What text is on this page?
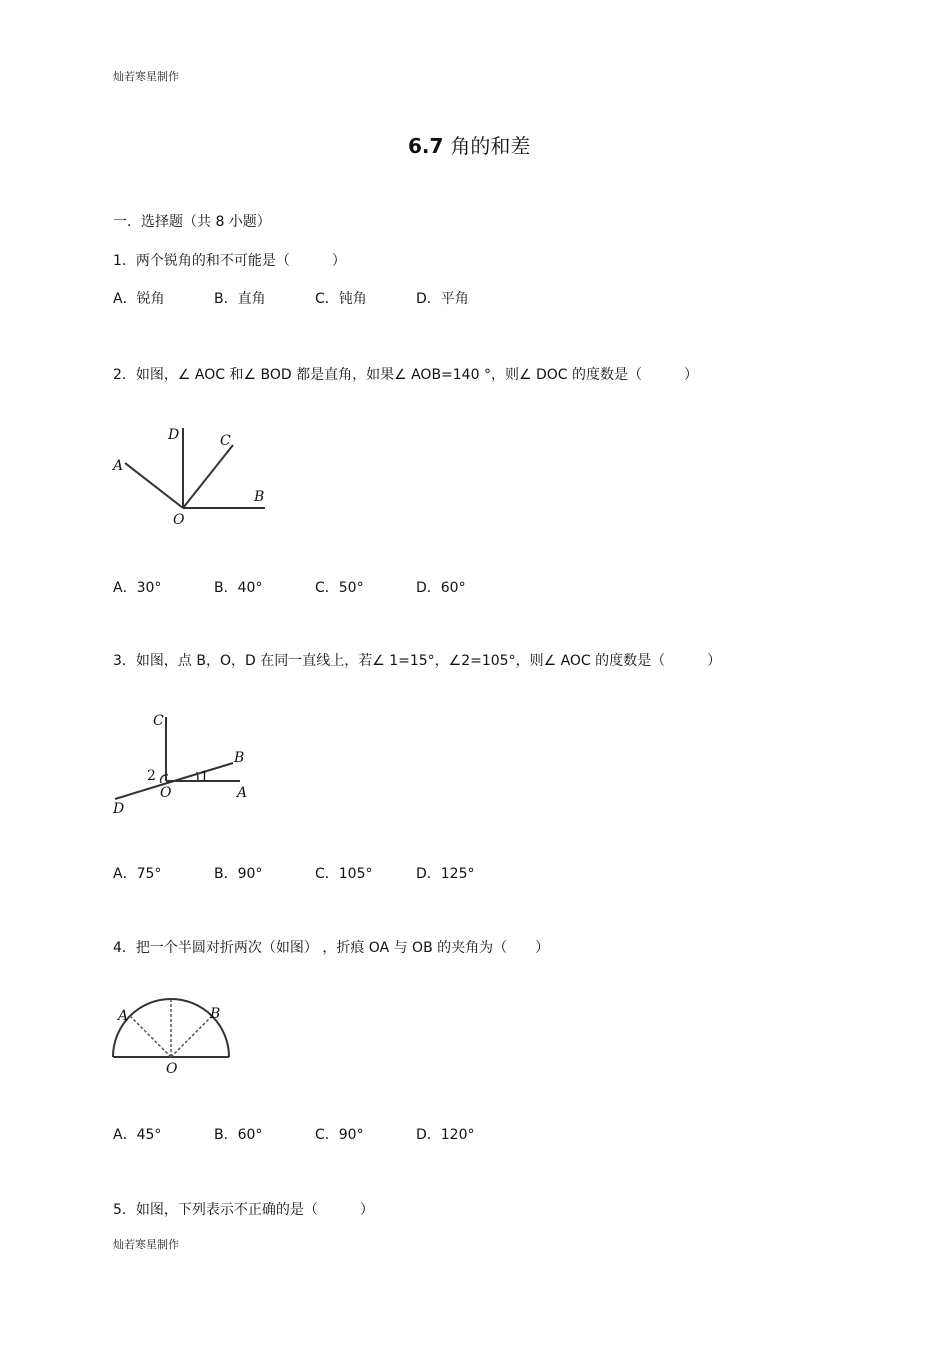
灿若寒星制作
6.7 角的和差
一．选择题（共 8 小题）
1．两个锐角的和不可能是（　　　）
A．锐角	B．直角	C．钝角	D．平角
2．如图，∠ AOC 和∠ BOD 都是直角，如果∠ AOB=140 °，则∠ DOC 的度数是（　　　）
A
D	C
B
O
A．30°	B．40°	C．50°	D．60°
3．如图，点 B，O，D 在同一直线上，若∠ 1=15°，∠2=105°，则∠ AOC 的度数是（　　　）
C
B
2	1
O	A
D
A．75°	B．90°	C．105°	D．125°
4．把一个半圆对折两次（如图） ，折痕 OA 与 OB 的夹角为（　　）
A	B
O
A．45°	B．60°	C．90°	D．120°
5．如图，下列表示不正确的是（　　　）
灿若寒星制作
